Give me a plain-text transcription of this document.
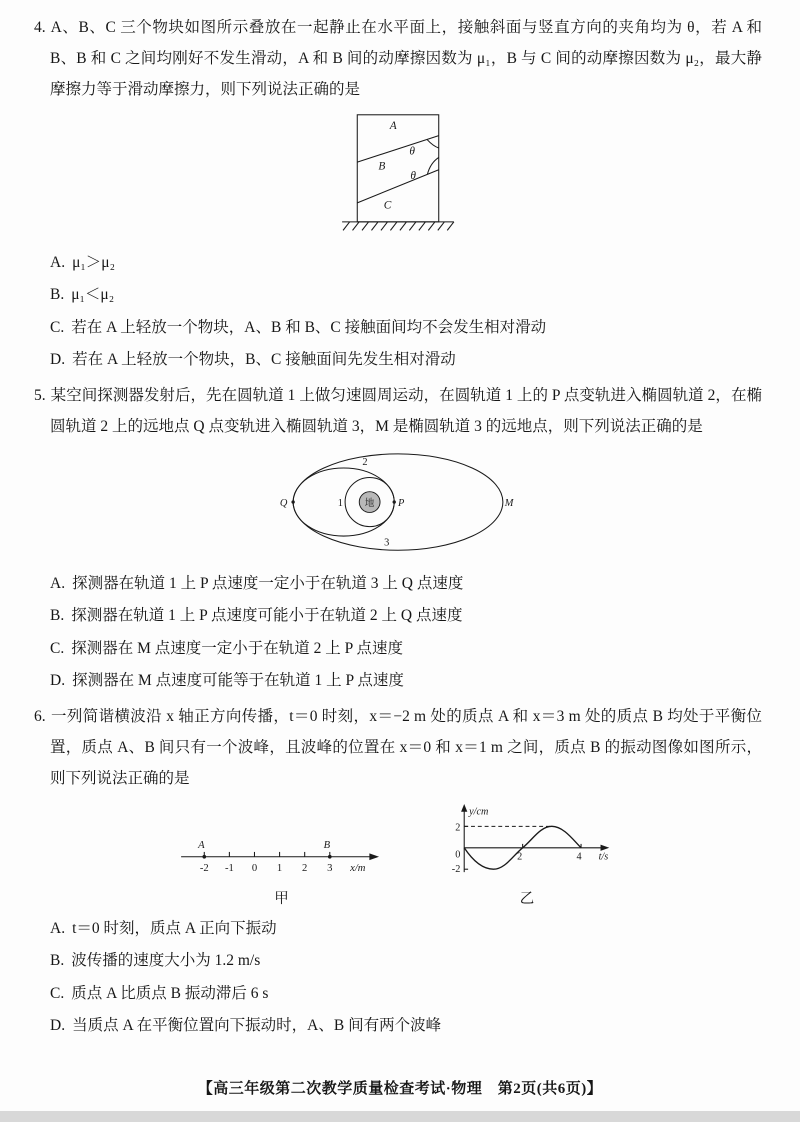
4. A、B、C 三个物块如图所示叠放在一起静止在水平面上，接触斜面与竖直方向的夹角均为 θ，若 A 和 B、B 和 C 之间均刚好不发生滑动，A 和 B 间的动摩擦因数为 μ₁，B 与 C 间的动摩擦因数为 μ₂，最大静摩擦力等于滑动摩擦力，则下列说法正确的是

A
θ
B
θ
C

A. μ₁＞μ₂

B. μ₁＜μ₂

C. 若在 A 上轻放一个物块，A、B 和 B、C 接触面间均不会发生相对滑动

D. 若在 A 上轻放一个物块，B、C 接触面间先发生相对滑动

5. 某空间探测器发射后，先在圆轨道 1 上做匀速圆周运动，在圆轨道 1 上的 P 点变轨进入椭圆轨道 2，在椭圆轨道 2 上的远地点 Q 点变轨进入椭圆轨道 3，M 是椭圆轨道 3 的远地点，则下列说法正确的是

2
1
3
地 P
Q	M

A. 探测器在轨道 1 上 P 点速度一定小于在轨道 3 上 Q 点速度

B. 探测器在轨道 1 上 P 点速度可能小于在轨道 2 上 Q 点速度

C. 探测器在 M 点速度一定小于在轨道 2 上 P 点速度

D. 探测器在 M 点速度可能等于在轨道 1 上 P 点速度

6. 一列简谐横波沿 x 轴正方向传播，t＝0 时刻，x＝−2 m 处的质点 A 和 x＝3 m 处的质点 B 均处于平衡位置，质点 A、B 间只有一个波峰，且波峰的位置在 x＝0 和 x＝1 m 之间，质点 B 的振动图像如图所示，则下列说法正确的是

A	B
-2 -1 0 1 2 3 x/m
甲
y/cm
t/s
2
0
-2
2	4
乙

A. t＝0 时刻，质点 A 正向下振动

B. 波传播的速度大小为 1.2 m/s

C. 质点 A 比质点 B 振动滞后 6 s

D. 当质点 A 在平衡位置向下振动时，A、B 间有两个波峰

【高三年级第二次教学质量检查考试·物理　第2页(共6页)】
